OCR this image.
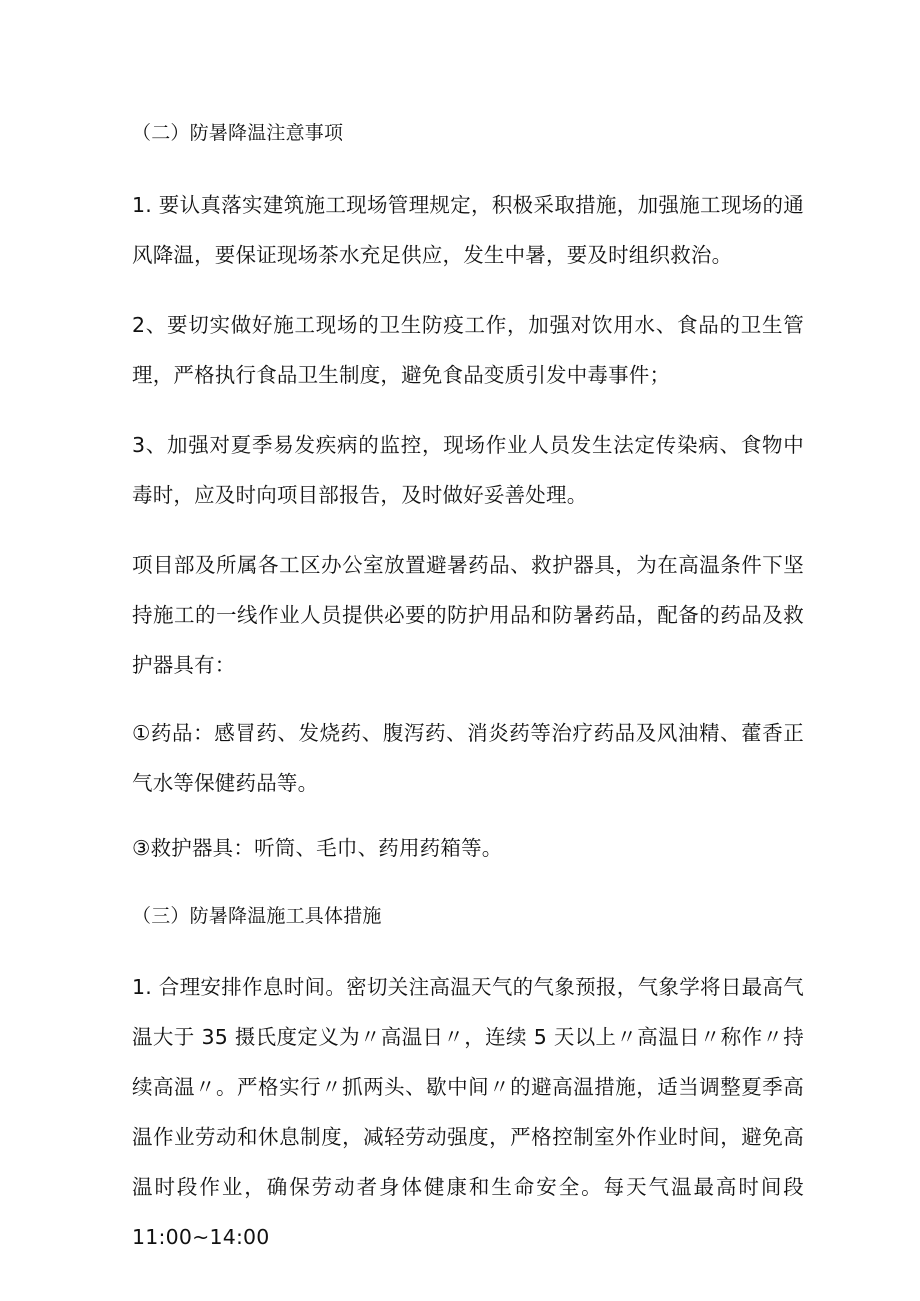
（二）防暑降温注意事项

1. 要认真落实建筑施工现场管理规定，积极采取措施，加强施工现场的通风降温，要保证现场茶水充足供应，发生中暑，要及时组织救治。

2、要切实做好施工现场的卫生防疫工作，加强对饮用水、食品的卫生管理，严格执行食品卫生制度，避免食品变质引发中毒事件；

3、加强对夏季易发疾病的监控，现场作业人员发生法定传染病、食物中毒时，应及时向项目部报告，及时做好妥善处理。

项目部及所属各工区办公室放置避暑药品、救护器具，为在高温条件下坚持施工的一线作业人员提供必要的防护用品和防暑药品，配备的药品及救护器具有：

①药品：感冒药、发烧药、腹泻药、消炎药等治疗药品及风油精、藿香正气水等保健药品等。

③救护器具：听筒、毛巾、药用药箱等。

（三）防暑降温施工具体措施

1. 合理安排作息时间。密切关注高温天气的气象预报，气象学将日最高气温大于 35 摄氏度定义为〃高温日〃，连续 5 天以上〃高温日〃称作〃持续高温〃。严格实行〃抓两头、歇中间〃的避高温措施，适当调整夏季高温作业劳动和休息制度，减轻劳动强度，严格控制室外作业时间，避免高温时段作业，确保劳动者身体健康和生命安全。每天气温最高时间段 11:00~14:00
